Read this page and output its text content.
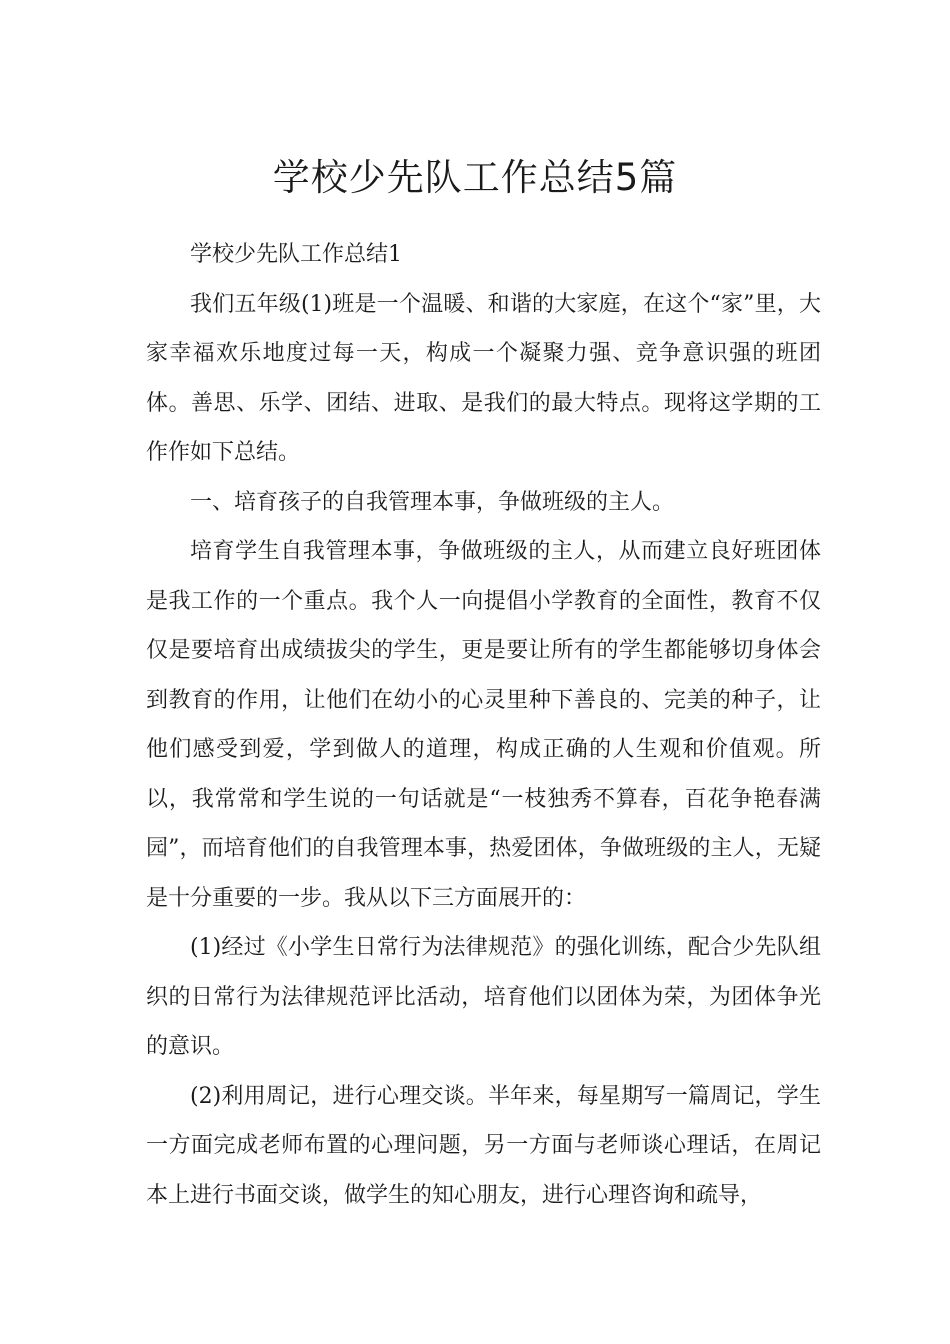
学校少先队工作总结5篇

学校少先队工作总结1

我们五年级(1)班是一个温暖、和谐的大家庭，在这个“家”里，大家幸福欢乐地度过每一天，构成一个凝聚力强、竞争意识强的班团体。善思、乐学、团结、进取、是我们的最大特点。现将这学期的工作作如下总结。

一、培育孩子的自我管理本事，争做班级的主人。

培育学生自我管理本事，争做班级的主人，从而建立良好班团体是我工作的一个重点。我个人一向提倡小学教育的全面性，教育不仅仅是要培育出成绩拔尖的学生，更是要让所有的学生都能够切身体会到教育的作用，让他们在幼小的心灵里种下善良的、完美的种子，让他们感受到爱，学到做人的道理，构成正确的人生观和价值观。所以，我常常和学生说的一句话就是“一枝独秀不算春，百花争艳春满园”，而培育他们的自我管理本事，热爱团体，争做班级的主人，无疑是十分重要的一步。我从以下三方面展开的：

(1)经过《小学生日常行为法律规范》的强化训练，配合少先队组织的日常行为法律规范评比活动，培育他们以团体为荣，为团体争光的意识。

(2)利用周记，进行心理交谈。半年来，每星期写一篇周记，学生一方面完成老师布置的心理问题，另一方面与老师谈心理话，在周记本上进行书面交谈，做学生的知心朋友，进行心理咨询和疏导，
